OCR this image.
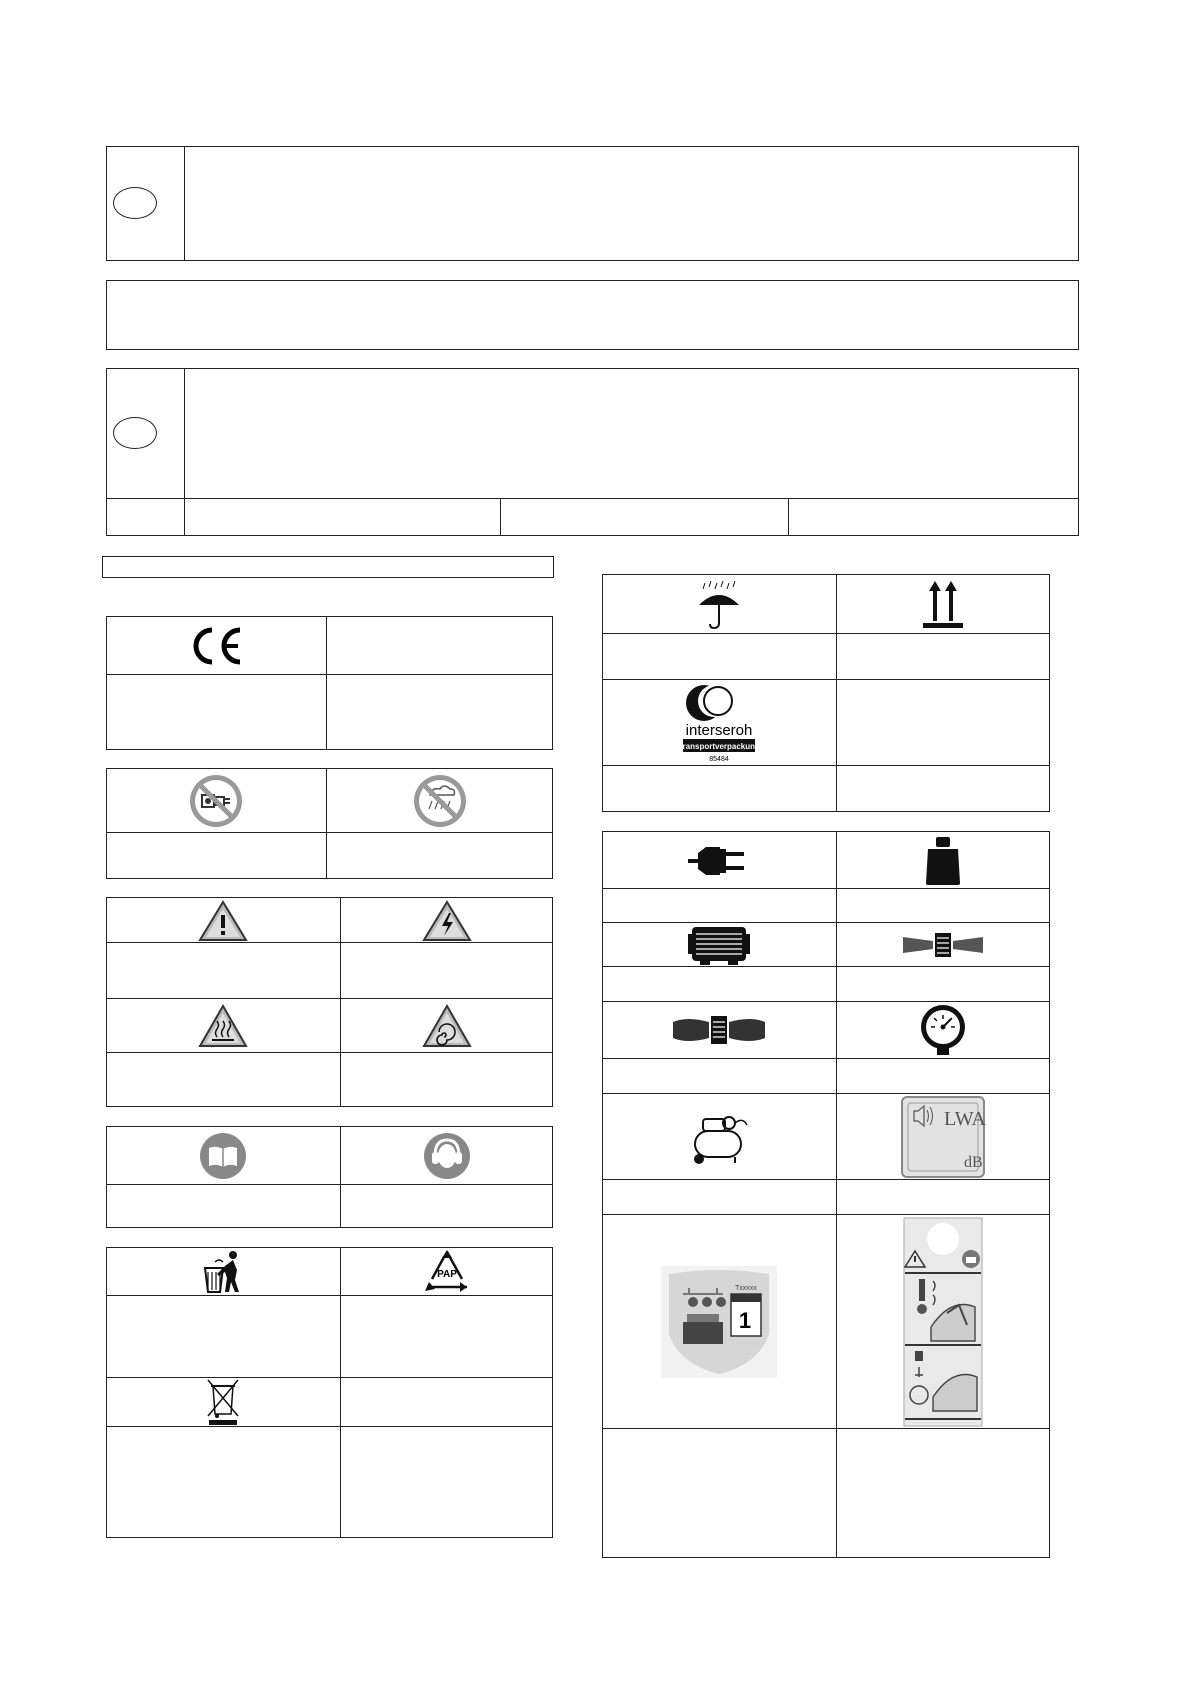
PAP
interseroh
Transportverpackung
85484
LWA
dB
Txxxxx
1
